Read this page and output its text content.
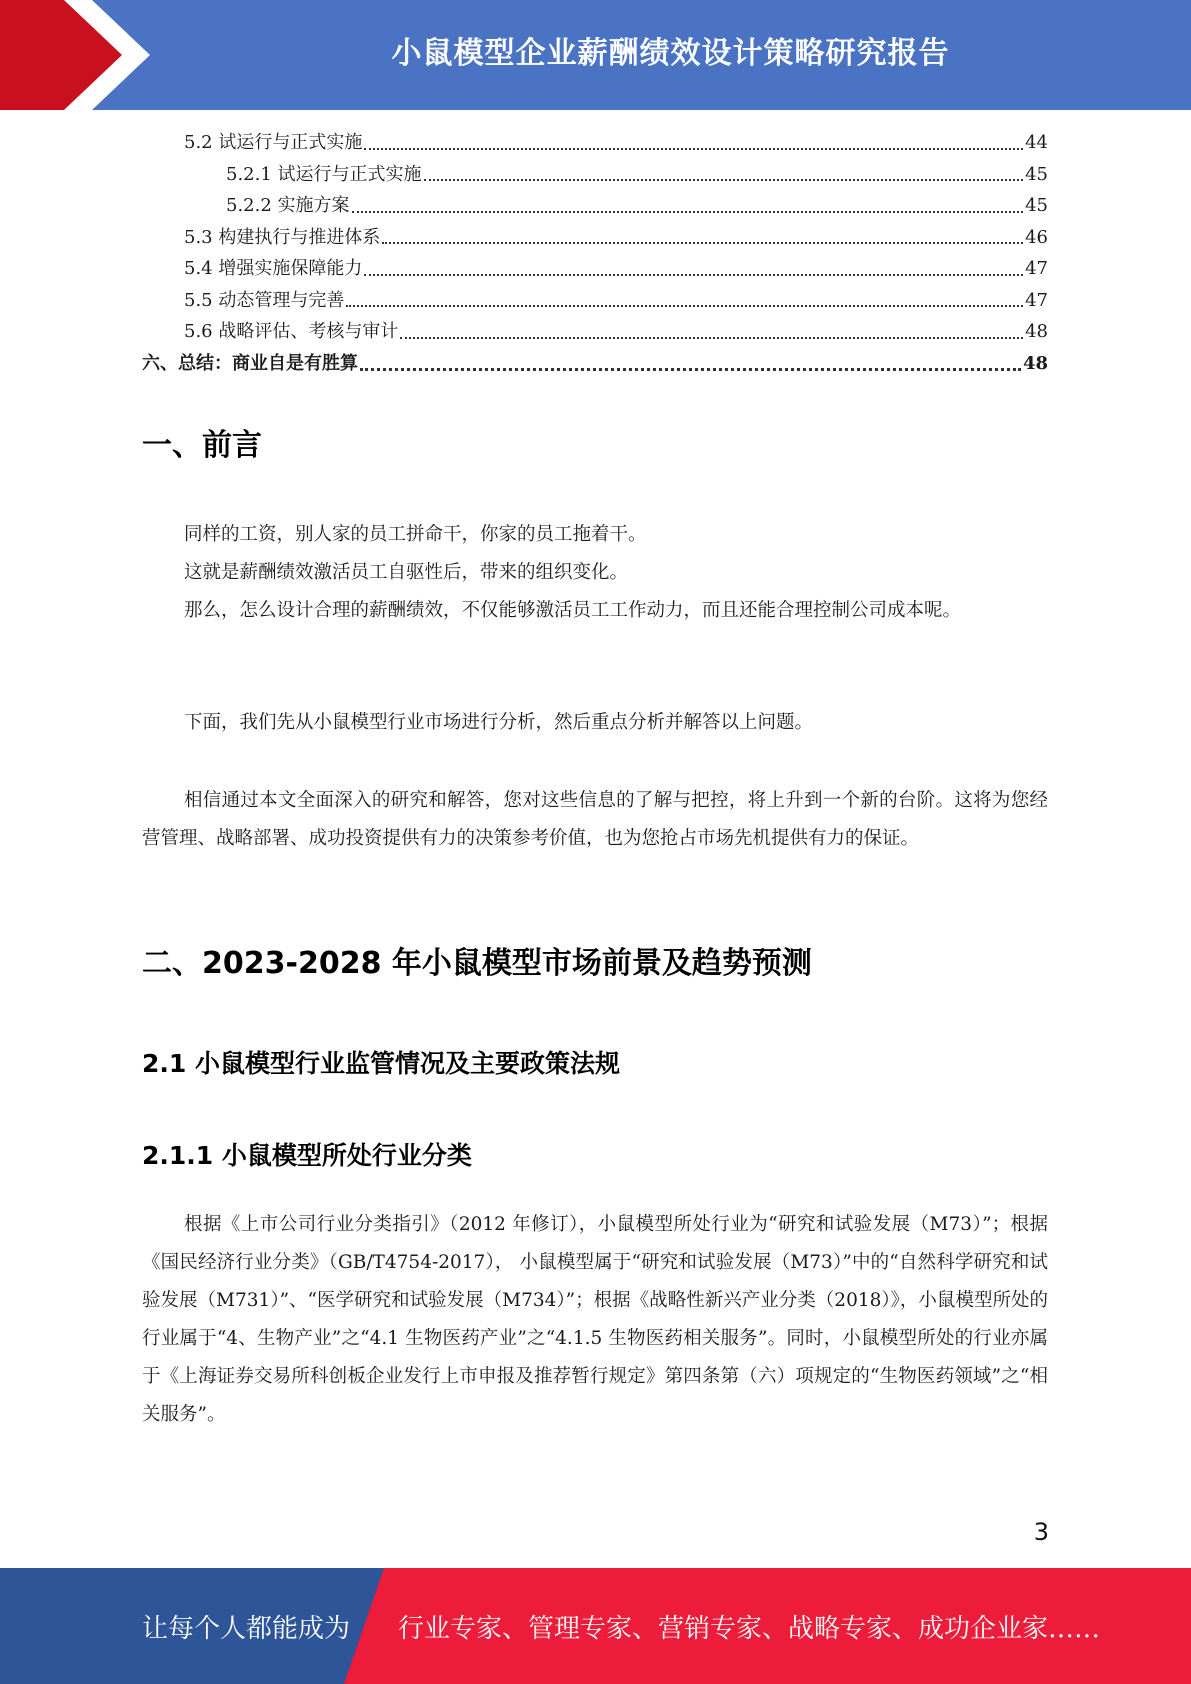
小鼠模型企业薪酬绩效设计策略研究报告
5.2 试运行与正式实施	44
5.2.1 试运行与正式实施	45
5.2.2 实施方案	45
5.3 构建执行与推进体系	46
5.4 增强实施保障能力	47
5.5 动态管理与完善	47
5.6 战略评估、考核与审计	48
六、总结：商业自是有胜算	48
一、前言

同样的工资，别人家的员工拼命干，你家的员工拖着干。

这就是薪酬绩效激活员工自驱性后，带来的组织变化。

那么，怎么设计合理的薪酬绩效，不仅能够激活员工工作动力，而且还能合理控制公司成本呢。

下面，我们先从小鼠模型行业市场进行分析，然后重点分析并解答以上问题。

相信通过本文全面深入的研究和解答，您对这些信息的了解与把控，将上升到一个新的台阶。这将为您经营管理、战略部署、成功投资提供有力的决策参考价值，也为您抢占市场先机提供有力的保证。

二、2023-2028 年小鼠模型市场前景及趋势预测
2.1 小鼠模型行业监管情况及主要政策法规
2.1.1 小鼠模型所处行业分类

根据《上市公司行业分类指引》（2012 年修订），小鼠模型所处行业为“研究和试验发展（M73）”；根据《国民经济行业分类》（GB/T4754-2017）， 小鼠模型属于“研究和试验发展（M73）”中的“自然科学研究和试验发展（M731）”、“医学研究和试验发展（M734）”；根据《战略性新兴产业分类（2018）》，小鼠模型所处的行业属于“4、生物产业”之“4.1 生物医药产业”之“4.1.5 生物医药相关服务”。同时，小鼠模型所处的行业亦属于《上海证券交易所科创板企业发行上市申报及推荐暂行规定》第四条第（六）项规定的“生物医药领域”之“相关服务”。

3
让每个人都能成为 行业专家、管理专家、营销专家、战略专家、成功企业家……
